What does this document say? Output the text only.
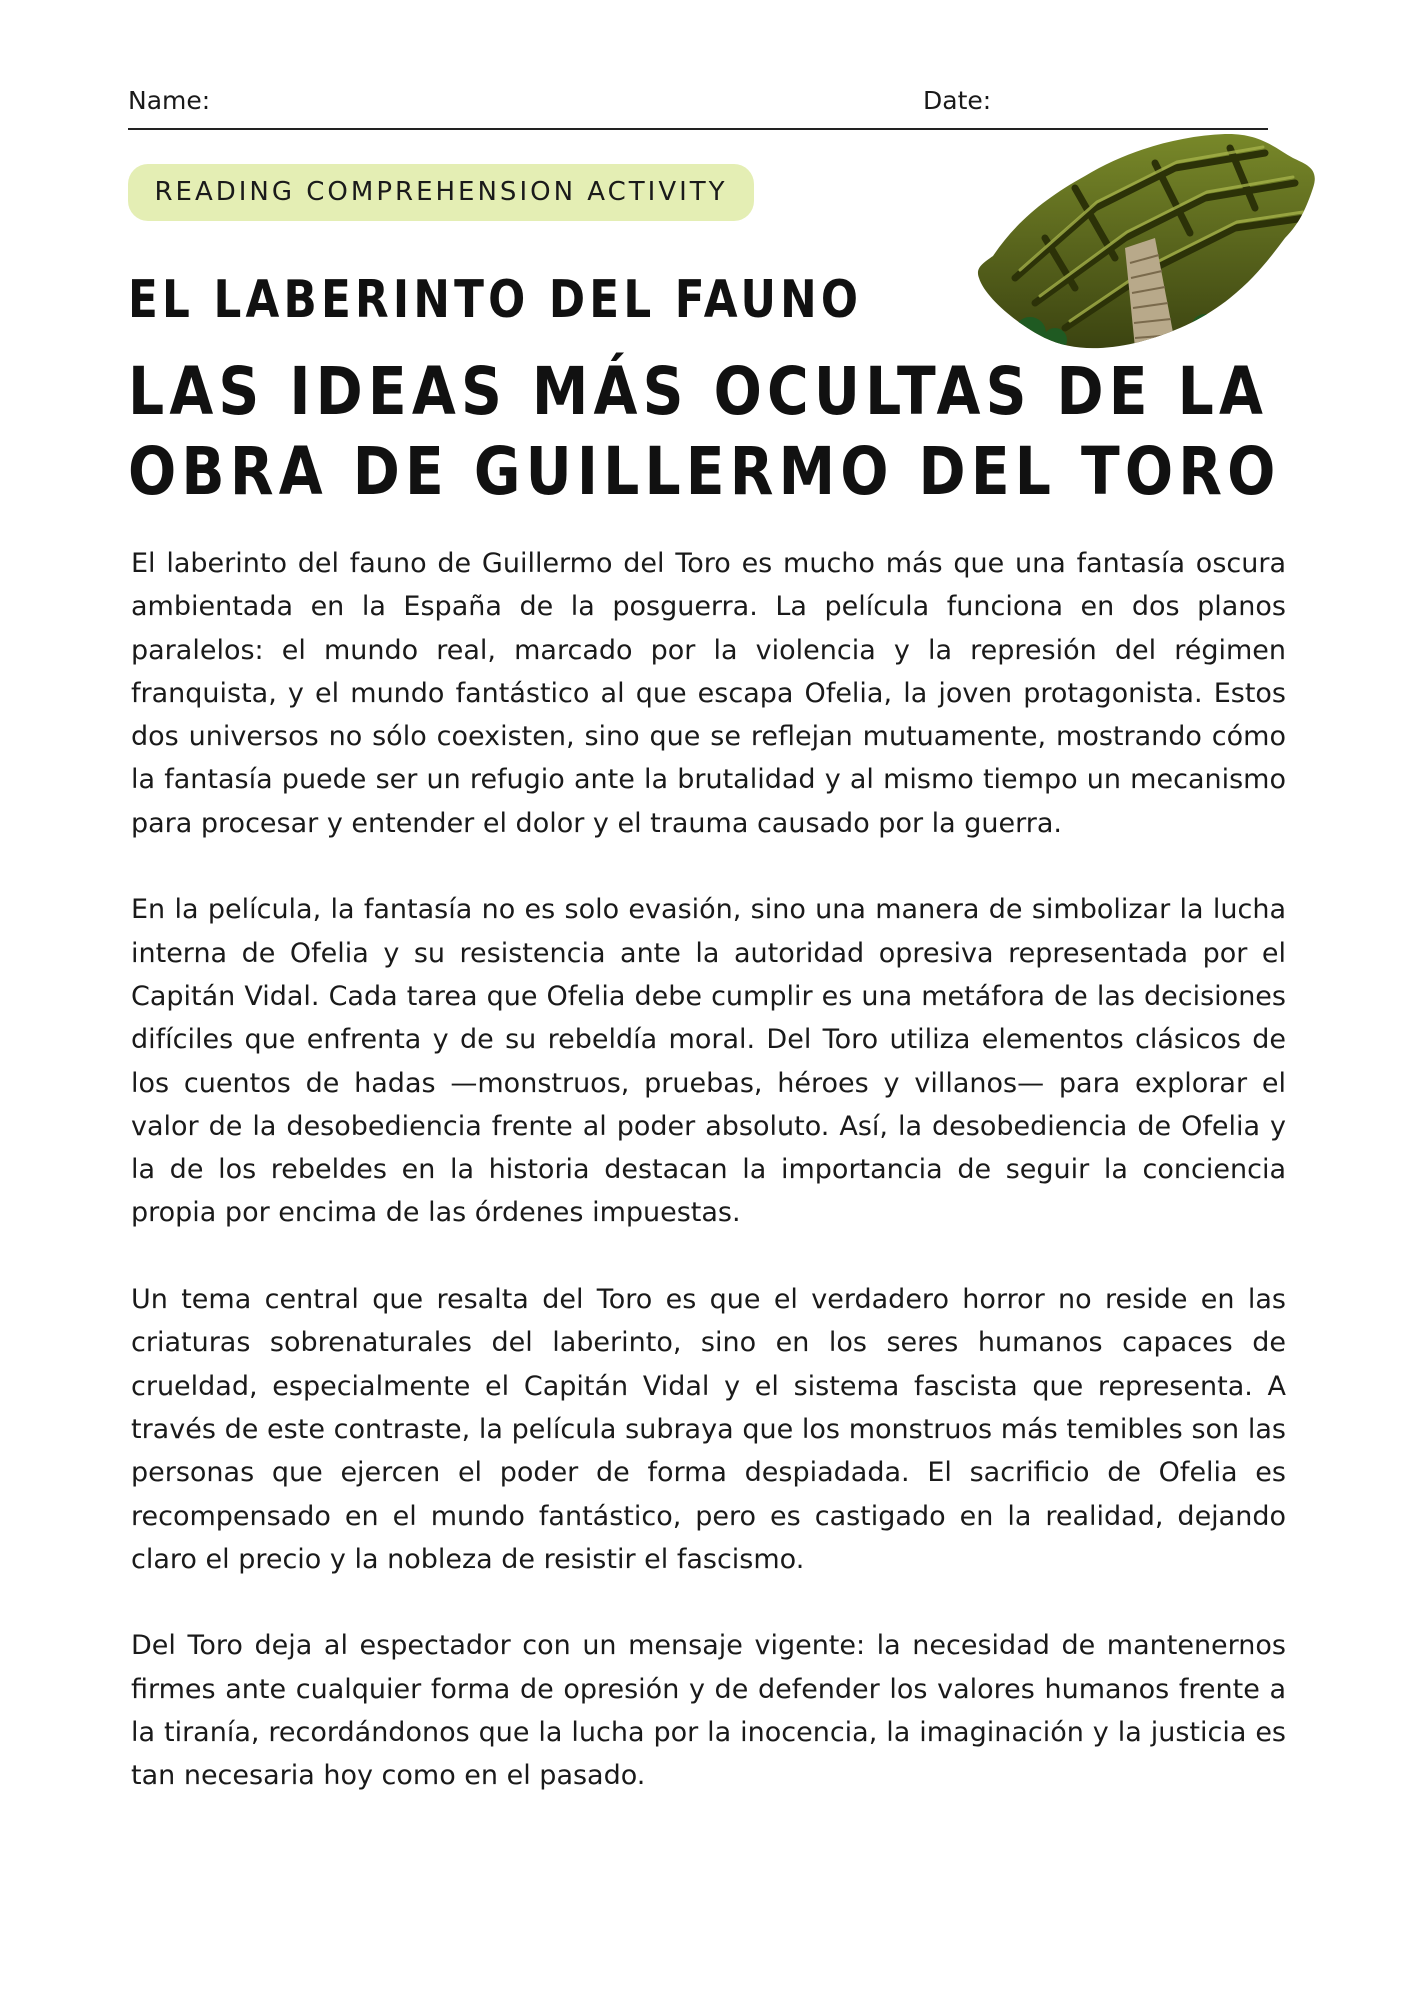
Name:	Date:
READING COMPREHENSION ACTIVITY
EL LABERINTO DEL FAUNO
LAS IDEAS MÁS OCULTAS DE LA
OBRA DE GUILLERMO DEL TORO

El laberinto del fauno de Guillermo del Toro es mucho más que una fantasía oscura ambientada en la España de la posguerra. La película funciona en dos planos paralelos: el mundo real, marcado por la violencia y la represión del régimen franquista, y el mundo fantástico al que escapa Ofelia, la joven protagonista. Estos dos universos no sólo coexisten, sino que se reflejan mutuamente, mostrando cómo la fantasía puede ser un refugio ante la brutalidad y al mismo tiempo un mecanismo para procesar y entender el dolor y el trauma causado por la guerra.

En la película, la fantasía no es solo evasión, sino una manera de simbolizar la lucha interna de Ofelia y su resistencia ante la autoridad opresiva representada por el Capitán Vidal. Cada tarea que Ofelia debe cumplir es una metáfora de las decisiones difíciles que enfrenta y de su rebeldía moral. Del Toro utiliza elementos clásicos de los cuentos de hadas —monstruos, pruebas, héroes y villanos— para explorar el valor de la desobediencia frente al poder absoluto. Así, la desobediencia de Ofelia y la de los rebeldes en la historia destacan la importancia de seguir la conciencia propia por encima de las órdenes impuestas.

Un tema central que resalta del Toro es que el verdadero horror no reside en las criaturas sobrenaturales del laberinto, sino en los seres humanos capaces de crueldad, especialmente el Capitán Vidal y el sistema fascista que representa. A través de este contraste, la película subraya que los monstruos más temibles son las personas que ejercen el poder de forma despiadada. El sacrificio de Ofelia es recompensado en el mundo fantástico, pero es castigado en la realidad, dejando claro el precio y la nobleza de resistir el fascismo.

Del Toro deja al espectador con un mensaje vigente: la necesidad de mantenernos firmes ante cualquier forma de opresión y de defender los valores humanos frente a la tiranía, recordándonos que la lucha por la inocencia, la imaginación y la justicia es tan necesaria hoy como en el pasado.
